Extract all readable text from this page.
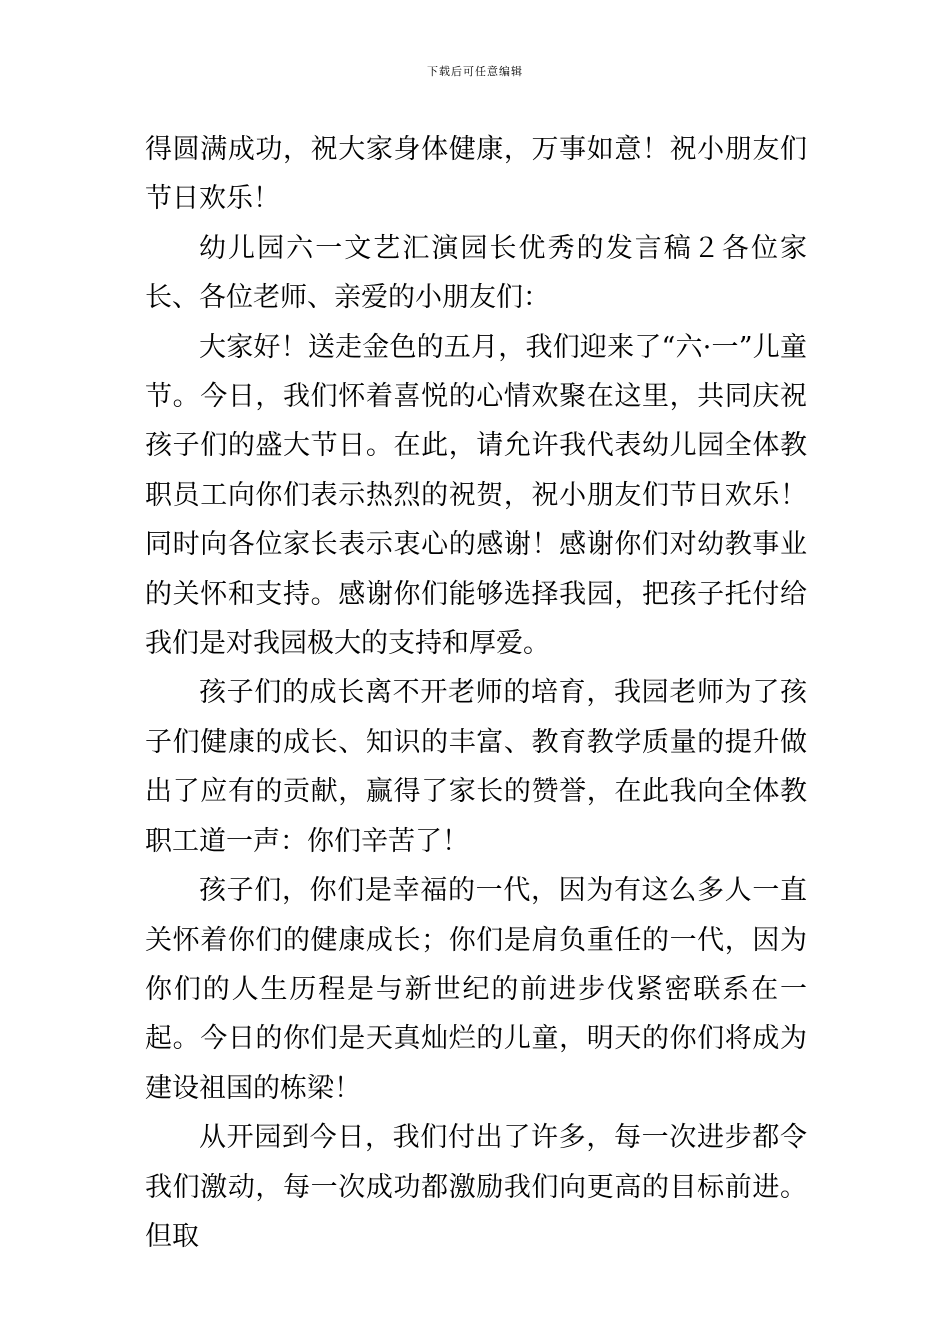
下载后可任意编辑

得圆满成功，祝大家身体健康，万事如意！祝小朋友们节日欢乐！

幼儿园六一文艺汇演园长优秀的发言稿２各位家长、各位老师、亲爱的小朋友们：

大家好！送走金色的五月，我们迎来了“六·一”儿童节。今日，我们怀着喜悦的心情欢聚在这里，共同庆祝孩子们的盛大节日。在此，请允许我代表幼儿园全体教职员工向你们表示热烈的祝贺，祝小朋友们节日欢乐！同时向各位家长表示衷心的感谢！感谢你们对幼教事业的关怀和支持。感谢你们能够选择我园，把孩子托付给我们是对我园极大的支持和厚爱。

孩子们的成长离不开老师的培育，我园老师为了孩子们健康的成长、知识的丰富、教育教学质量的提升做出了应有的贡献，赢得了家长的赞誉，在此我向全体教职工道一声：你们辛苦了！

孩子们，你们是幸福的一代，因为有这么多人一直关怀着你们的健康成长；你们是肩负重任的一代，因为你们的人生历程是与新世纪的前进步伐紧密联系在一起。今日的你们是天真灿烂的儿童，明天的你们将成为建设祖国的栋梁！

从开园到今日，我们付出了许多，每一次进步都令我们激动，每一次成功都激励我们向更高的目标前进。但取
